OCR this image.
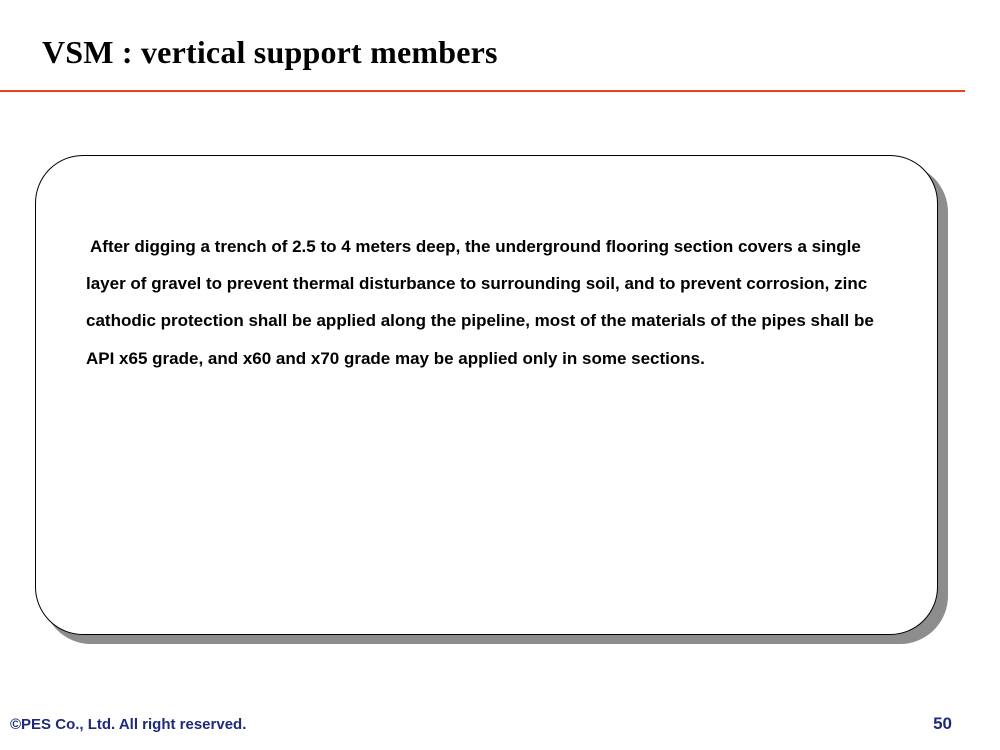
VSM : vertical support members

After digging a trench of 2.5 to 4 meters deep, the underground flooring section covers a single layer of gravel to prevent thermal disturbance to surrounding soil, and to prevent corrosion, zinc cathodic protection shall be applied along the pipeline, most of the materials of the pipes shall be API x65 grade, and x60 and x70 grade may be applied only in some sections.

©PES Co., Ltd. All right reserved.	50
